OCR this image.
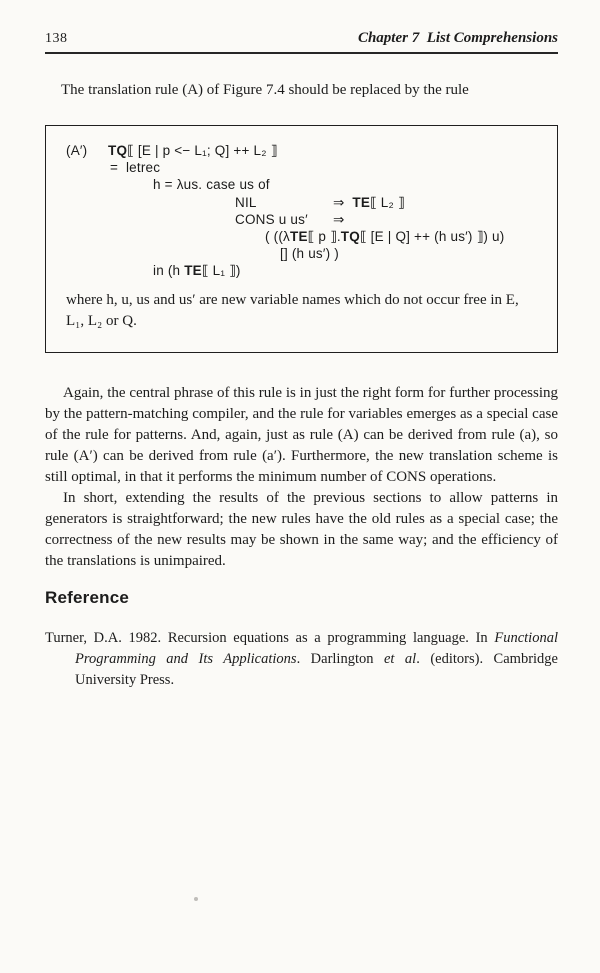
138	Chapter 7  List Comprehensions

The translation rule (A) of Figure 7.4 should be replaced by the rule

(A′) TQ⟦ [E | p <− L₁; Q] ++ L₂ ⟧
=  letrec
h = λus. case us of
NIL	⇒  TE⟦ L₂ ⟧
CONS u us′ ⇒
( ((λTE⟦ p ⟧.TQ⟦ [E | Q] ++ (h us′) ⟧) u)
[] (h us′) )
in (h TE⟦ L₁ ⟧)

where h, u, us and us′ are new variable names which do not occur free in E, L₁, L₂ or Q.

Again, the central phrase of this rule is in just the right form for further processing by the pattern-matching compiler, and the rule for variables emerges as a special case of the rule for patterns. And, again, just as rule (A) can be derived from rule (a), so rule (A′) can be derived from rule (a′). Furthermore, the new translation scheme is still optimal, in that it performs the minimum number of CONS operations.

In short, extending the results of the previous sections to allow patterns in generators is straightforward; the new rules have the old rules as a special case; the correctness of the new results may be shown in the same way; and the efficiency of the translations is unimpaired.

Reference

Turner, D.A. 1982. Recursion equations as a programming language. In Functional Programming and Its Applications. Darlington et al. (editors). Cambridge University Press.
